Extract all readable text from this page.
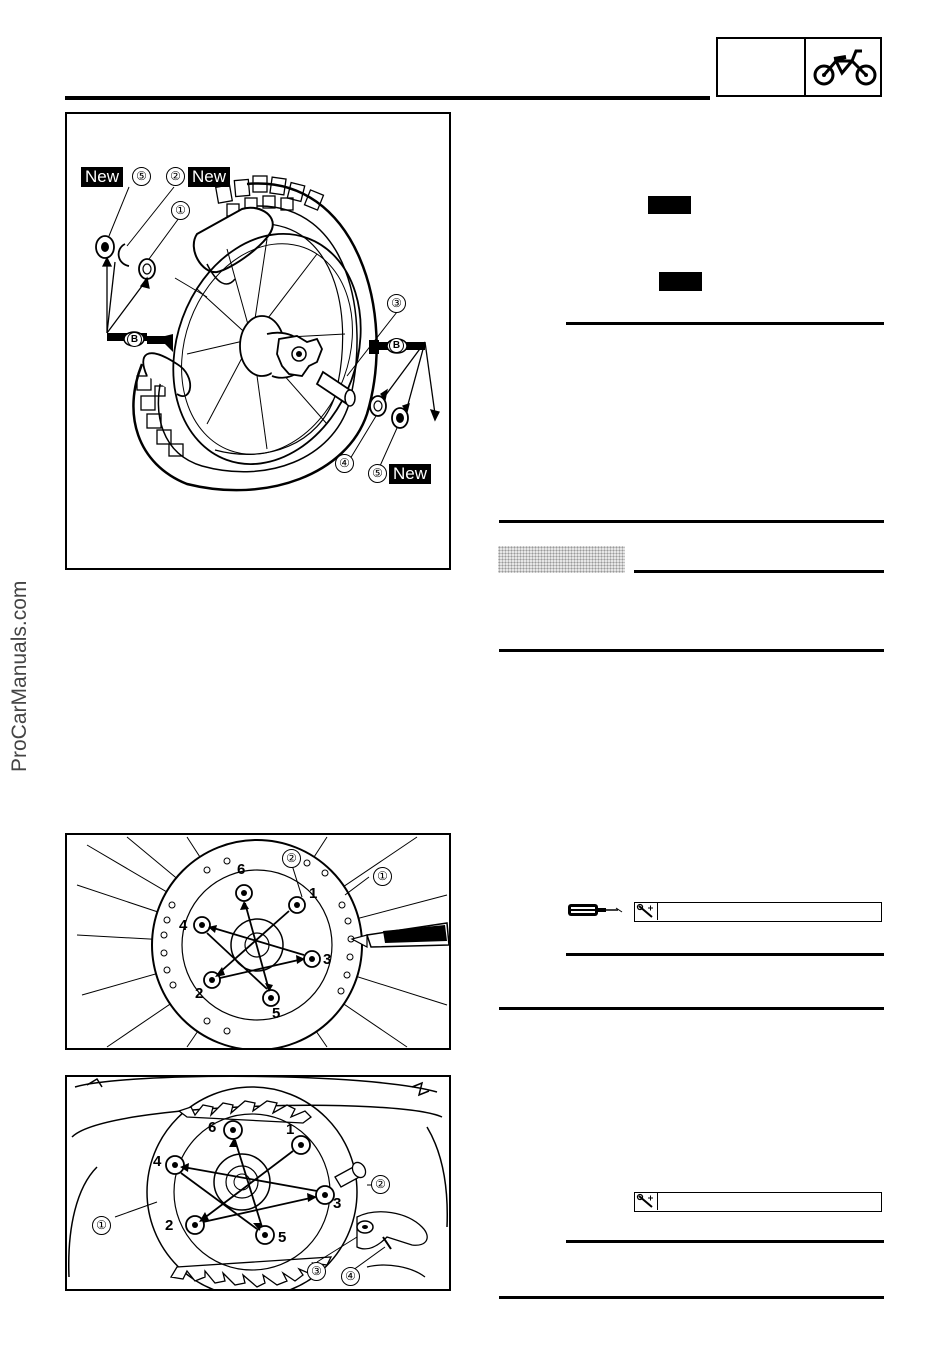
ProCarManuals.com
New	⑤	② New
①
③
④
⑤ New
B
B
②
①
1
2
3
4
5
6
②
①
③	④
1
2
3
4
5
6
